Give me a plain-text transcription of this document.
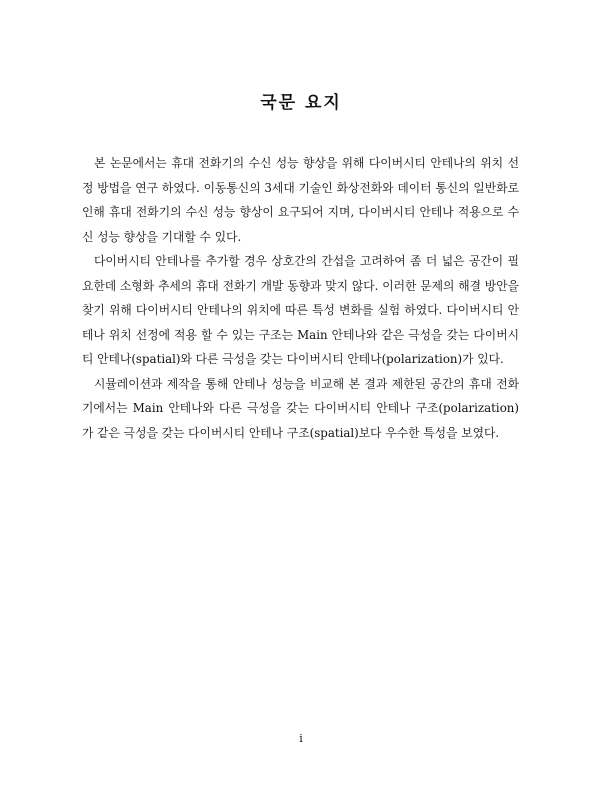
국문 요지

본 논문에서는 휴대 전화기의 수신 성능 향상을 위해 다이버시티 안테나의 위치 선정 방법을 연구 하였다. 이동통신의 3세대 기술인 화상전화와 데이터 통신의 일반화로 인해 휴대 전화기의 수신 성능 향상이 요구되어 지며, 다이버시티 안테나 적용으로 수신 성능 향상을 기대할 수 있다.

다이버시티 안테나를 추가할 경우 상호간의 간섭을 고려하여 좀 더 넓은 공간이 필요한데 소형화 추세의 휴대 전화기 개발 동향과 맞지 않다. 이러한 문제의 해결 방안을 찾기 위해 다이버시티 안테나의 위치에 따른 특성 변화를 실험 하였다. 다이버시티 안테나 위치 선정에 적용 할 수 있는 구조는 Main 안테나와 같은 극성을 갖는 다이버시티 안테나(spatial)와 다른 극성을 갖는 다이버시티 안테나(polarization)가 있다.

시뮬레이션과 제작을 통해 안테나 성능을 비교해 본 결과 제한된 공간의 휴대 전화기에서는 Main 안테나와 다른 극성을 갖는 다이버시티 안테나 구조(polarization)가 같은 극성을 갖는 다이버시티 안테나 구조(spatial)보다 우수한 특성을 보였다.

i
